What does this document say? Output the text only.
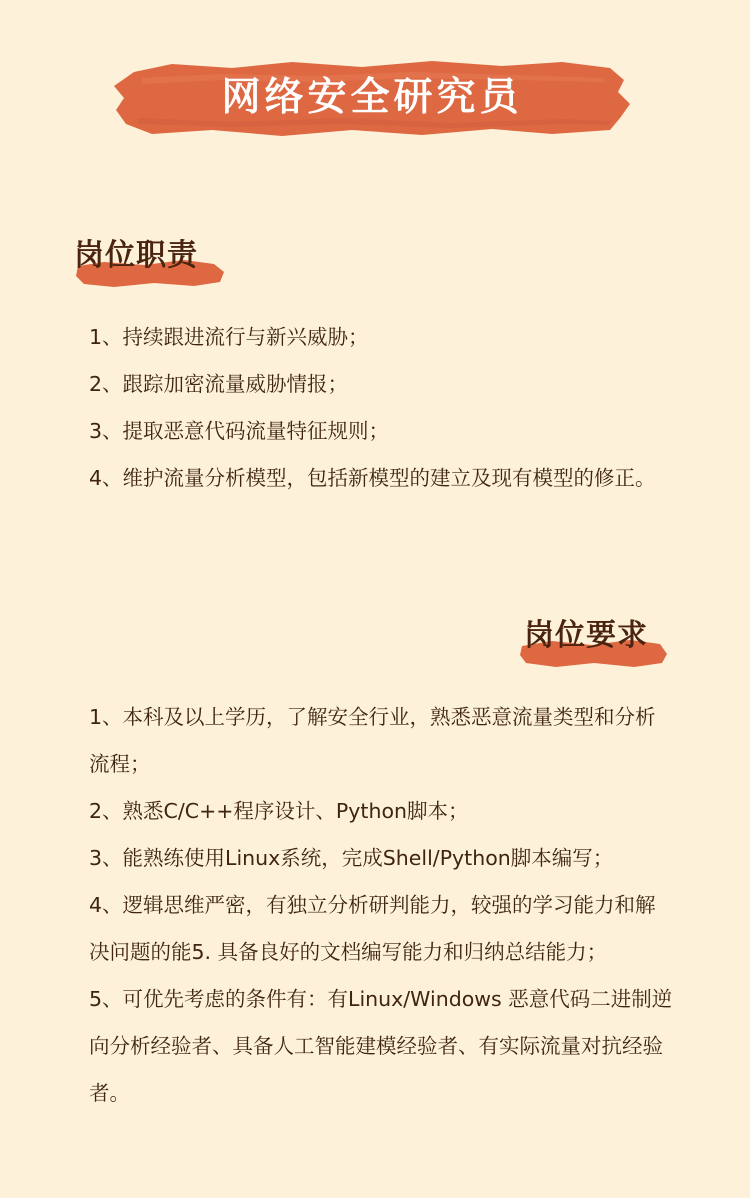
网络安全研究员
岗位职责
1、持续跟进流行与新兴威胁；
2、跟踪加密流量威胁情报；
3、提取恶意代码流量特征规则；
4、维护流量分析模型，包括新模型的建立及现有模型的修正。
岗位要求
1、本科及以上学历，了解安全行业，熟悉恶意流量类型和分析流程；
2、熟悉C/C++程序设计、Python脚本；
3、能熟练使用Linux系统，完成Shell/Python脚本编写；
4、逻辑思维严密，有独立分析研判能力，较强的学习能力和解决问题的能5. 具备良好的文档编写能力和归纳总结能力；
5、可优先考虑的条件有：有Linux/Windows 恶意代码二进制逆向分析经验者、具备人工智能建模经验者、有实际流量对抗经验者。
